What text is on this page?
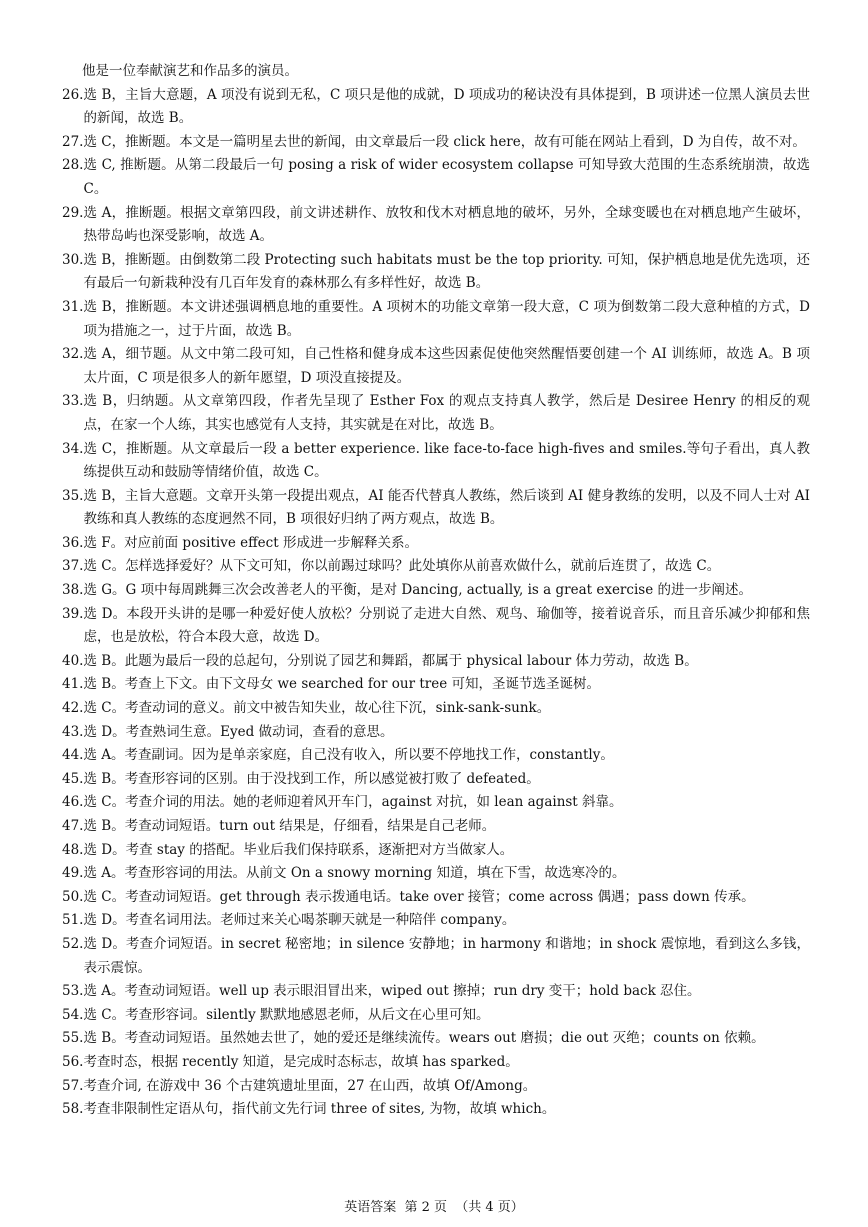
他是一位奉献演艺和作品多的演员。
26. 选 B，主旨大意题，A 项没有说到无私，C 项只是他的成就，D 项成功的秘诀没有具体提到，B 项讲述一位黑人演员去世的新闻，故选 B。
27. 选 C，推断题。本文是一篇明星去世的新闻，由文章最后一段 click here，故有可能在网站上看到，D 为自传，故不对。
28. 选 C, 推断题。从第二段最后一句 posing a risk of wider ecosystem collapse 可知导致大范围的生态系统崩溃，故选 C。
29. 选 A，推断题。根据文章第四段，前文讲述耕作、放牧和伐木对栖息地的破坏，另外，全球变暖也在对栖息地产生破坏，热带岛屿也深受影响，故选 A。
30. 选 B，推断题。由倒数第二段 Protecting such habitats must be the top priority. 可知，保护栖息地是优先选项，还有最后一句新栽种没有几百年发育的森林那么有多样性好，故选 B。
31. 选 B，推断题。本文讲述强调栖息地的重要性。A 项树木的功能文章第一段大意，C 项为倒数第二段大意种植的方式，D 项为措施之一，过于片面，故选 B。
32. 选 A，细节题。从文中第二段可知，自己性格和健身成本这些因素促使他突然醒悟要创建一个 AI 训练师，故选 A。B 项太片面，C 项是很多人的新年愿望，D 项没直接提及。
33. 选 B，归纳题。从文章第四段，作者先呈现了 Esther Fox 的观点支持真人教学，然后是 Desiree Henry 的相反的观点，在家一个人练，其实也感觉有人支持，其实就是在对比，故选 B。
34. 选 C，推断题。从文章最后一段 a better experience. like face-to-face high-fives and smiles.等句子看出，真人教练提供互动和鼓励等情绪价值，故选 C。
35. 选 B，主旨大意题。文章开头第一段提出观点，AI 能否代替真人教练，然后谈到 AI 健身教练的发明，以及不同人士对 AI 教练和真人教练的态度迥然不同，B 项很好归纳了两方观点，故选 B。
36. 选 F。对应前面 positive effect 形成进一步解释关系。
37. 选 C。怎样选择爱好？从下文可知，你以前踢过球吗？此处填你从前喜欢做什么，就前后连贯了，故选 C。
38. 选 G。G 项中每周跳舞三次会改善老人的平衡，是对 Dancing, actually, is a great exercise 的进一步阐述。
39. 选 D。本段开头讲的是哪一种爱好使人放松？分别说了走进大自然、观鸟、瑜伽等，接着说音乐，而且音乐减少抑郁和焦虑，也是放松，符合本段大意，故选 D。
40. 选 B。此题为最后一段的总起句，分别说了园艺和舞蹈，都属于 physical labour 体力劳动，故选 B。
41. 选 B。考查上下文。由下文母女 we searched for our tree 可知，圣诞节选圣诞树。
42. 选 C。考查动词的意义。前文中被告知失业，故心往下沉，sink-sank-sunk。
43. 选 D。考查熟词生意。Eyed 做动词，查看的意思。
44. 选 A。考查副词。因为是单亲家庭，自己没有收入，所以要不停地找工作，constantly。
45. 选 B。考查形容词的区别。由于没找到工作，所以感觉被打败了 defeated。
46. 选 C。考查介词的用法。她的老师迎着风开车门，against 对抗，如 lean against 斜靠。
47. 选 B。考查动词短语。turn out 结果是，仔细看，结果是自己老师。
48. 选 D。考查 stay 的搭配。毕业后我们保持联系，逐渐把对方当做家人。
49. 选 A。考查形容词的用法。从前文 On a snowy morning 知道，填在下雪，故选寒冷的。
50. 选 C。考查动词短语。get through 表示拨通电话。take over 接管；come across 偶遇；pass down 传承。
51. 选 D。考查名词用法。老师过来关心喝茶聊天就是一种陪伴 company。
52. 选 D。考查介词短语。in secret 秘密地；in silence 安静地；in harmony 和谐地；in shock 震惊地，看到这么多钱，表示震惊。
53. 选 A。考查动词短语。well up 表示眼泪冒出来，wiped out 擦掉；run dry 变干；hold back 忍住。
54. 选 C。考查形容词。silently 默默地感恩老师，从后文在心里可知。
55. 选 B。考查动词短语。虽然她去世了，她的爱还是继续流传。wears out 磨损；die out 灭绝；counts on 依赖。
56. 考查时态，根据 recently 知道，是完成时态标志，故填 has sparked。
57. 考查介词, 在游戏中 36 个古建筑遗址里面，27 在山西，故填 Of/Among。
58. 考查非限制性定语从句，指代前文先行词 three of sites, 为物，故填 which。
英语答案  第 2 页  （共 4 页）
